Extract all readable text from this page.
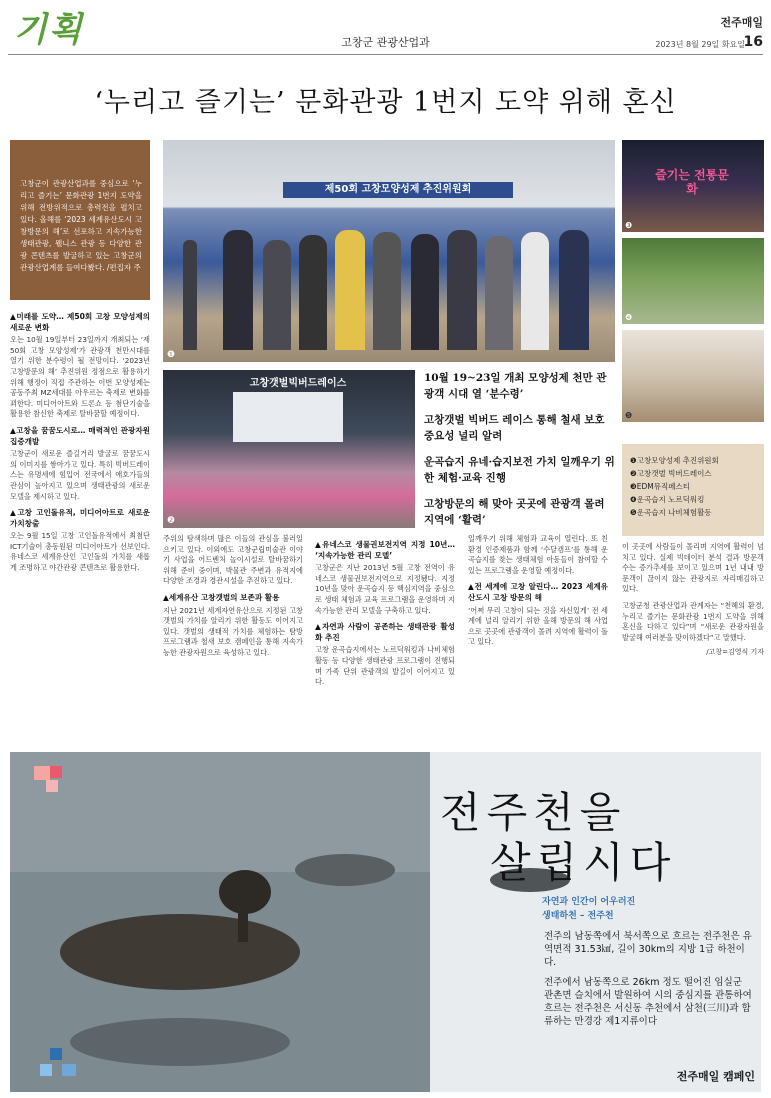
기획	고창군 관광산업과
전주매일
2023년 8월 29일 화요일
16
‘누리고 즐기는’ 문화관광 1번지 도약 위해 혼신
고창군이 관광산업과를 중심으로 ‘누리고 즐기는’ 문화관광 1번지 도약을 위해 전방위적으로 총력전을 펼치고 있다. 올해를 ‘2023 세계유산도시 고창방문의 해’로 선포하고 지속가능한 생태관광, 웰니스 관광 등 다양한 관광 콘텐츠를 발굴하고 있는 고창군의 관광산업계를 들여다봤다. /편집자 주
제50회 고창모양성제 추진위원회
❶
고창갯벌빅버드레이스
❷
즐기는 전통문화
❸
❹
❺
10월 19~23일 개최 모양성제 천만 관광객 시대 열 ‘분수령’
고창갯벌 빅버드 레이스 통해 철새 보호 중요성 널리 알려
운곡습지 유네·습지보전 가치 일깨우기 위한 체험·교육 진행
고창방문의 해 맞아 곳곳에 관광객 몰려 지역에 ‘활력’
❶고창모양성제 추진위원회
❷고창갯벌 빅버드레이스
❸EDM뮤직페스티
❹운곡습지 노르딕워킹
❺운곡습지 나비체험활동
▲미래를 도약… 제50회 고창 모양성제의 새로운 변화

오는 10월 19일부터 23일까지 개최되는 ‘제50회 고창 모양성제’가 관광객 천만시대를 열기 위한 분수령이 될 전망이다. ‘2023년 고창방문의 해’ 추진위원 정점으로 활용하기 위해 행정이 직접 주관하는 이번 모양성제는 공동주최 MZ세대를 아우르는 축제로 변화를 꾀한다. 미디어아트와 드론쇼 등 첨단기술을 활용한 참신한 축제로 탈바꿈할 예정이다.

▲고창을 꿈꿈도시로… 매력적인 관광자원 집중개발

고창군이 새로운 즐길거리 발굴로 꿈꿈도시의 이미지를 쌓아가고 있다. 특히 빅버드레이스는 유명세에 힘입어 전국에서 애호가들의 관심이 높아지고 있으며 생태관광의 새로운 모델을 제시하고 있다.

▲고창 고인돌유적, 미디어아트로 새로운 가치창출

오는 9월 15일 고창 고인돌유적에서 최첨단 ICT기술이 총동원된 미디어아트가 선보인다. 유네스코 세계유산인 고인돌의 가치를 새롭게 조명하고 야간관광 콘텐츠로 활용한다.

주위의 탐색하며 많은 이들의 관심을 불러일으키고 있다. 이외에도 고창군립미술관 이야기 사업을 어드벤처 놀이시설로 탈바꿈하기 위해 준비 중이며, 박물관 주변과 유적지에 다양한 조경과 경관시설을 추진하고 있다.

▲세계유산 고창갯벌의 보존과 활용

지난 2021년 세계자연유산으로 지정된 고창갯벌의 가치를 알리기 위한 활동도 이어지고 있다. 갯벌의 생태적 가치를 체험하는 탐방 프로그램과 철새 보호 캠페인을 통해 지속가능한 관광자원으로 육성하고 있다.

▲유네스코 생물권보전지역 지정 10년… ‘지속가능한 관리 모델’

고창군은 지난 2013년 5월 고창 전역이 유네스코 생물권보전지역으로 지정됐다. 지정 10년을 맞아 운곡습지 등 핵심지역을 중심으로 생태 체험과 교육 프로그램을 운영하며 지속가능한 관리 모델을 구축하고 있다.

▲자연과 사람이 공존하는 생태관광 활성화 추진

고창 운곡습지에서는 노르딕워킹과 나비체험활동 등 다양한 생태관광 프로그램이 진행되며 가족 단위 관광객의 발길이 이어지고 있다.

일깨우기 위해 체험과 교육이 열린다. 또 친환경 인증제품과 함께 ‘수달캠프’를 통해 운곡습지를 찾는 생태체험 아동들이 참여할 수 있는 프로그램을 운영할 예정이다.

▲전 세계에 고창 알린다… 2023 세계유산도시 고창 방문의 해

‘어쩌 무리 고창이 되는 것을 자신있게’ 전 세계에 널리 알리기 위한 올해 방문의 해 사업으로 곳곳에 관광객이 몰려 지역에 활력이 돌고 있다.

이 곳곳에 사람들이 몰리며 지역에 활력이 넘치고 있다. 실제 빅데이터 분석 결과 방문객 수는 증가추세를 보이고 있으며 1년 내내 방문객이 끊이지 않는 관광지로 자리매김하고 있다.

고창군청 관광산업과 관계자는 “천혜의 환경, 누리고 즐기는 문화관광 1번지 도약을 위해 혼신을 다하고 있다”며 “새로운 관광자원을 발굴해 여러분을 맞이하겠다”고 말했다.

/고창=김영식 기자
전주천을
살립시다
자연과 인간이 어우러진
생태하천 – 전주천
전주의 남동쪽에서 북서쪽으로 흐르는 전주천은 유역면적 31.53㎢, 길이 30km의 지방 1급 하천이다.
전주에서 남동쪽으로 26km 정도 떨어진 임실군 관촌면 슬치에서 발원하여 시의 중심지를 관통하여 흐르는 전주천은 서신동 추천에서 삼천(三川)과 합류하는 만경강 제1지류이다
전주매일 캠페인
